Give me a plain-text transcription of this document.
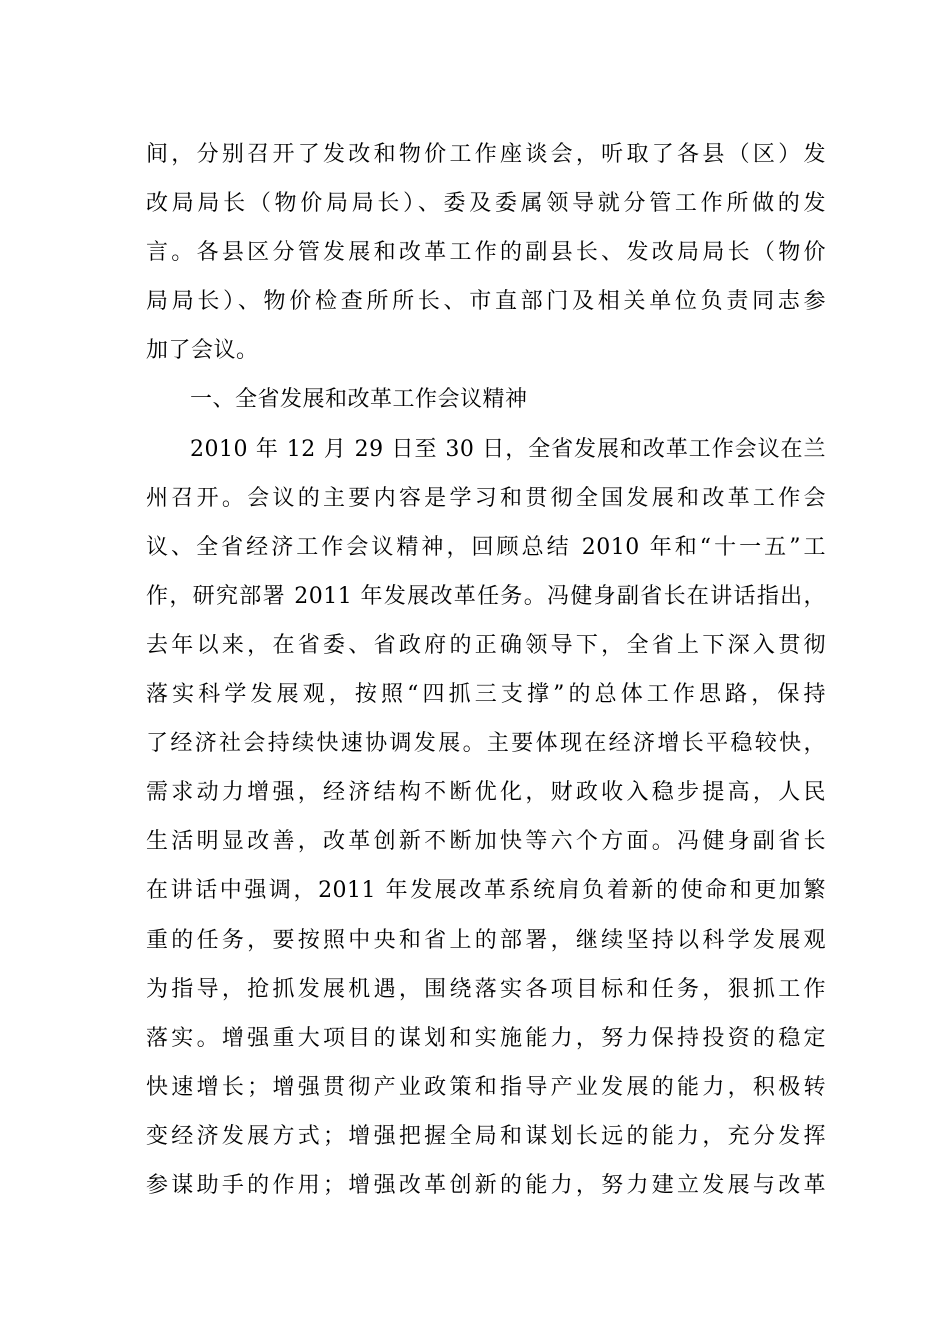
间，分别召开了发改和物价工作座谈会，听取了各县（区）发
改局局长（物价局局长）、委及委属领导就分管工作所做的发
言。各县区分管发展和改革工作的副县长、发改局局长（物价
局局长）、物价检查所所长、市直部门及相关单位负责同志参
加了会议。
一、全省发展和改革工作会议精神
2010 年 12 月 29 日至 30 日，全省发展和改革工作会议在兰
州召开。会议的主要内容是学习和贯彻全国发展和改革工作会
议、全省经济工作会议精神，回顾总结 2010 年和“十一五”工
作，研究部署 2011 年发展改革任务。冯健身副省长在讲话指出，
去年以来，在省委、省政府的正确领导下，全省上下深入贯彻
落实科学发展观，按照“四抓三支撑”的总体工作思路，保持
了经济社会持续快速协调发展。主要体现在经济增长平稳较快，
需求动力增强，经济结构不断优化，财政收入稳步提高，人民
生活明显改善，改革创新不断加快等六个方面。冯健身副省长
在讲话中强调，2011 年发展改革系统肩负着新的使命和更加繁
重的任务，要按照中央和省上的部署，继续坚持以科学发展观
为指导，抢抓发展机遇，围绕落实各项目标和任务，狠抓工作
落实。增强重大项目的谋划和实施能力，努力保持投资的稳定
快速增长；增强贯彻产业政策和指导产业发展的能力，积极转
变经济发展方式；增强把握全局和谋划长远的能力，充分发挥
参谋助手的作用；增强改革创新的能力，努力建立发展与改革
